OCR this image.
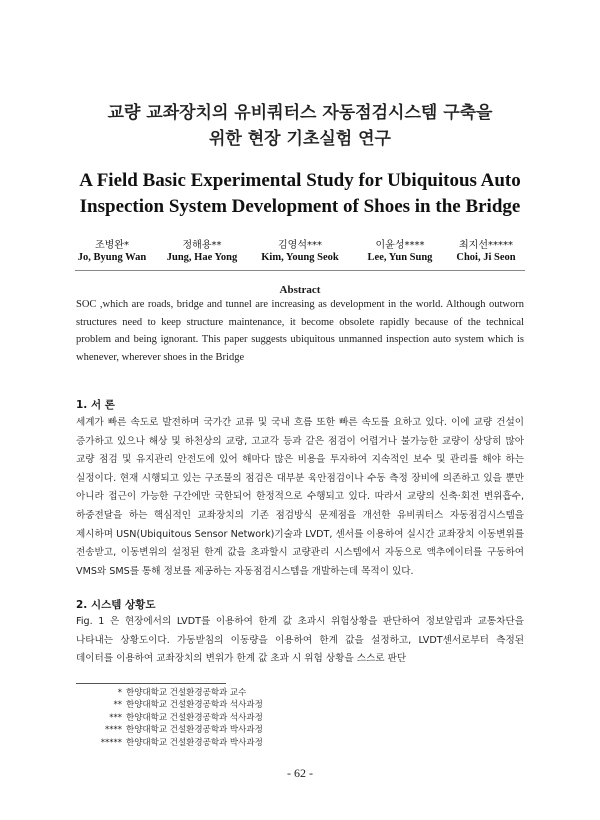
교량 교좌장치의 유비쿼터스 자동점검시스템 구축을
위한 현장 기초실험 연구
A Field Basic Experimental Study for Ubiquitous Auto
Inspection System Development of Shoes in the Bridge
조병완*
Jo, Byung Wan
정해용**
Jung, Hae Yong
김영석***
Kim, Young Seok
이윤성****
Lee, Yun Sung
최지선*****
Choi, Ji Seon
Abstract
SOC ,which are roads, bridge and tunnel are increasing as development in the world. Although outworn structures need to keep structure maintenance, it become obsolete rapidly because of the technical problem and being ignorant. This paper suggests ubiquitous unmanned inspection auto system which is whenever, wherever shoes in the Bridge
1. 서 론
세계가 빠른 속도로 발전하며 국가간 교류 및 국내 흐름 또한 빠른 속도를 요하고 있다. 이에 교량 건설이 증가하고 있으나 해상 및 하천상의 교량, 고교각 등과 같은 점검이 어렵거나 불가능한 교량이 상당히 많아 교량 점검 및 유지관리 안전도에 있어 해마다 많은 비용을 투자하여 지속적인 보수 및 관리를 해야 하는 실정이다. 현재 시행되고 있는 구조물의 점검은 대부분 육안점검이나 수동 측정 장비에 의존하고 있을 뿐만 아니라 접근이 가능한 구간에만 국한되어 한정적으로 수행되고 있다. 따라서 교량의 신축·회전 변위흡수, 하중전달을 하는 핵심적인 교좌장치의 기존 점검방식 문제점을 개선한 유비쿼터스 자동점검시스템을 제시하며 USN(Ubiquitous Sensor Network)기술과 LVDT, 센서를 이용하여 실시간 교좌장치 이동변위를 전송받고, 이동변위의 설정된 한계 값을 초과할시 교량관리 시스템에서 자동으로 액추에이터를 구동하여 VMS와 SMS를 통해 정보를 제공하는 자동점검시스템을 개발하는데 목적이 있다.
2. 시스템 상황도
Fig. 1 은 현장에서의 LVDT를 이용하여 한계 값 초과시 위험상황을 판단하여 정보알림과 교통차단을 나타내는 상황도이다. 가동받침의 이동량을 이용하여 한계 값을 설정하고, LVDT센서로부터 측정된 데이터를 이용하여 교좌장치의 변위가 한계 값 초과 시 위험 상황을 스스로 판단
* 한양대학교 건설환경공학과 교수
** 한양대학교 건설환경공학과 석사과정
*** 한양대학교 건설환경공학과 석사과정
**** 한양대학교 건설환경공학과 박사과정
***** 한양대학교 건설환경공학과 박사과정
- 62 -
